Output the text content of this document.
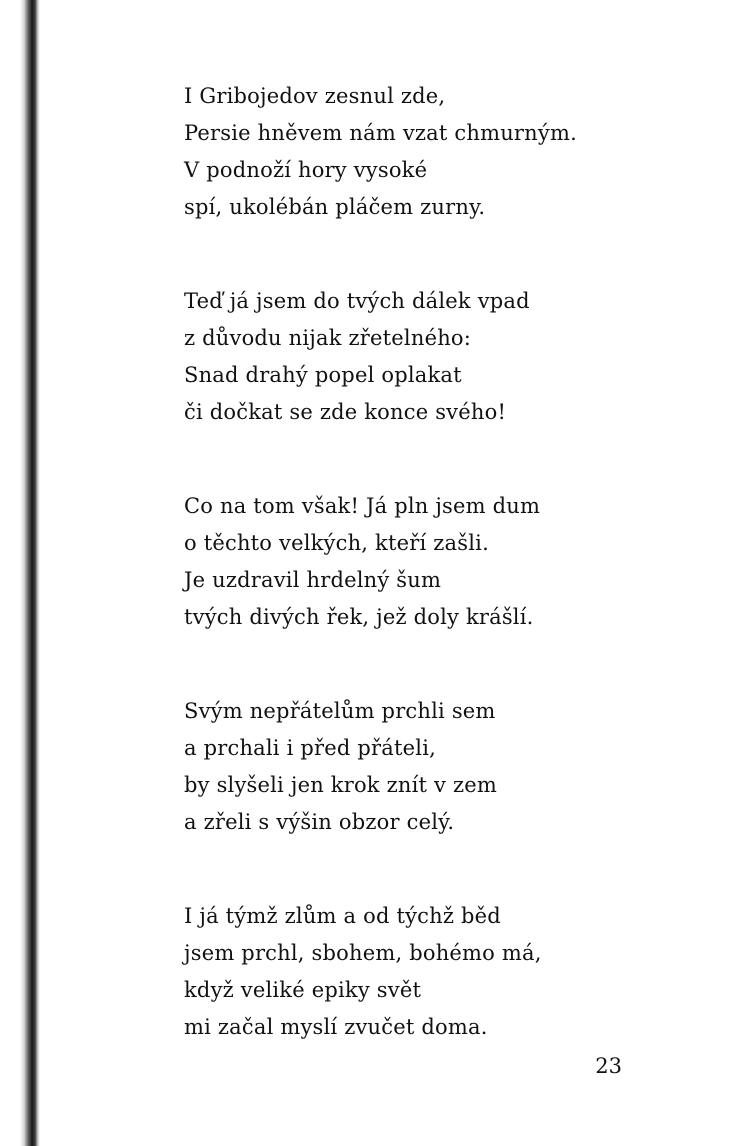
I Gribojedov zesnul zde,
Persie hněvem nám vzat chmurným.
V podnoží hory vysoké
spí, ukolébán pláčem zurny.
Teď já jsem do tvých dálek vpad
z důvodu nijak zřetelného:
Snad drahý popel oplakat
či dočkat se zde konce svého!
Co na tom však! Já pln jsem dum
o těchto velkých, kteří zašli.
Je uzdravil hrdelný šum
tvých divých řek, jež doly krášlí.
Svým nepřátelům prchli sem
a prchali i před přáteli,
by slyšeli jen krok znít v zem
a zřeli s výšin obzor celý.
I já týmž zlům a od týchž běd
jsem prchl, sbohem, bohémo má,
když veliké epiky svět
mi začal myslí zvučet doma.
23
